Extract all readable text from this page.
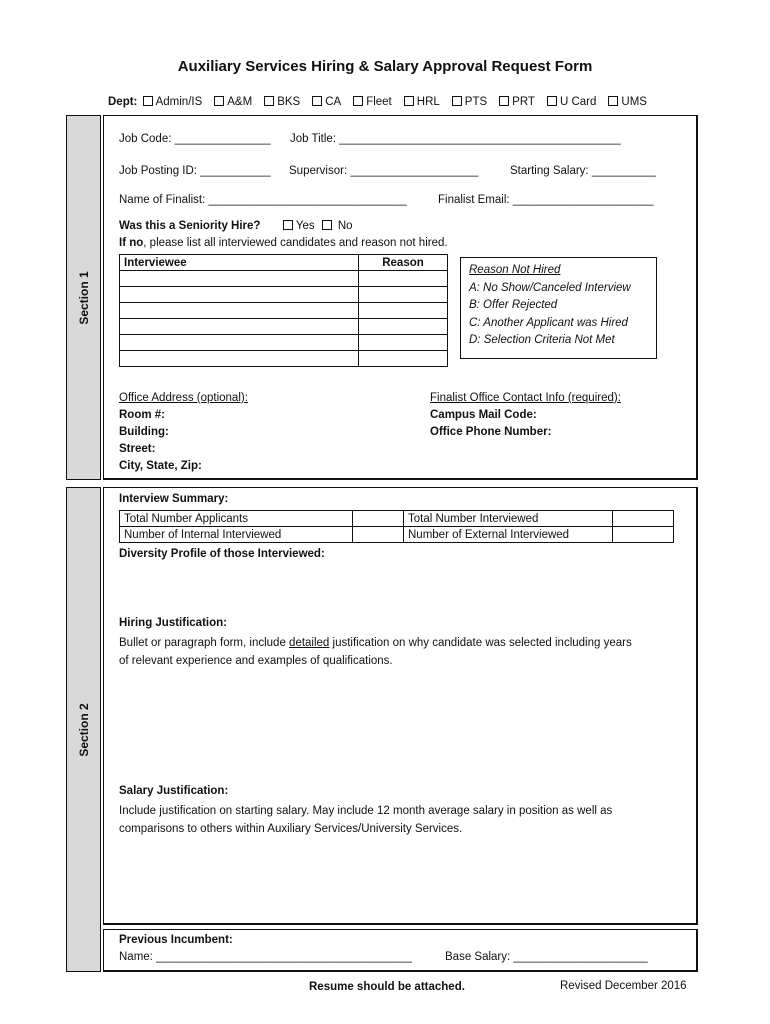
Auxiliary Services Hiring & Salary Approval Request Form
Dept: Admin/IS A&M BKS CA Fleet HRL PTS PRT U Card UMS
Section 1
Job Code: _______________ Job Title: ____________________________________________
Job Posting ID: ___________ Supervisor: ____________________	Starting Salary: __________
Name of Finalist: _______________________________	Finalist Email: ______________________
Was this a Seniority Hire?	Yes No
If no, please list all interviewed candidates and reason not hired.
Interviewee	Reason

Reason Not Hired
A: No Show/Canceled Interview
B: Offer Rejected
C: Another Applicant was Hired
D: Selection Criteria Not Met
Office Address (optional):
Room #:
Building:
Street:
City, State, Zip:
Finalist Office Contact Info (required):
Campus Mail Code:
Office Phone Number:
Section 2
Interview Summary:
Total Number Applicants		Total Number Interviewed	
Number of Internal Interviewed		Number of External Interviewed	
Diversity Profile of those Interviewed:
Hiring Justification:
Bullet or paragraph form, include detailed justification on why candidate was selected including years
of relevant experience and examples of qualifications.
Salary Justification:
Include justification on starting salary. May include 12 month average salary in position as well as
comparisons to others within Auxiliary Services/University Services.
Previous Incumbent:
Name: ________________________________________	Base Salary: _____________________
Resume should be attached.	Revised December 2016
